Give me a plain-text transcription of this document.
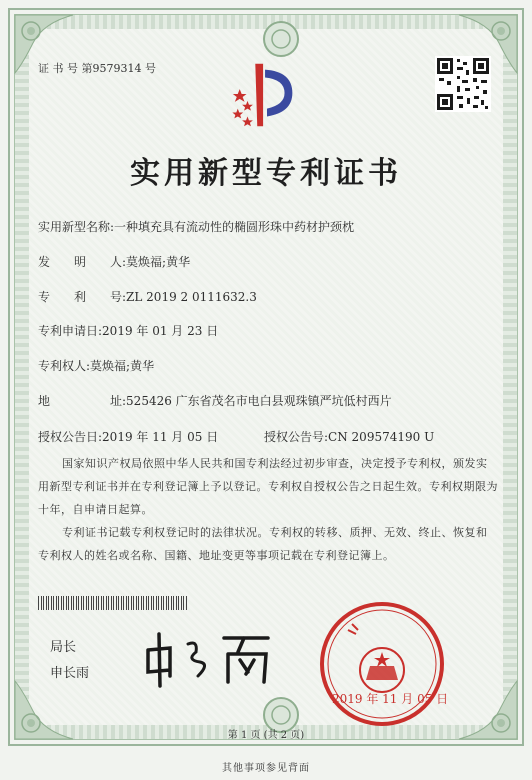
证 书 号 第9579314 号
实用新型专利证书
实用新型名称:一种填充具有流动性的椭圆形珠中药材护颈枕
发　　明　　人:莫焕福;黄华
专　　利　　号:ZL 2019 2 0111632.3
专利申请日:2019 年 01 月 23 日
专利权人:莫焕福;黄华
地　　　　　址:525426 广东省茂名市电白县观珠镇严坑低村西片
授权公告日:2019 年 11 月 05 日	授权公告号:CN 209574190 U

国家知识产权局依照中华人民共和国专利法经过初步审查，决定授予专利权，颁发实用新型专利证书并在专利登记簿上予以登记。专利权自授权公告之日起生效。专利权期限为十年，自申请日起算。

专利证书记载专利权登记时的法律状况。专利权的转移、质押、无效、终止、恢复和专利权人的姓名或名称、国籍、地址变更等事项记载在专利登记簿上。

局长
申长雨
2019 年 11 月 05 日
第 1 页 (共 2 页)
其他事项参见背面
